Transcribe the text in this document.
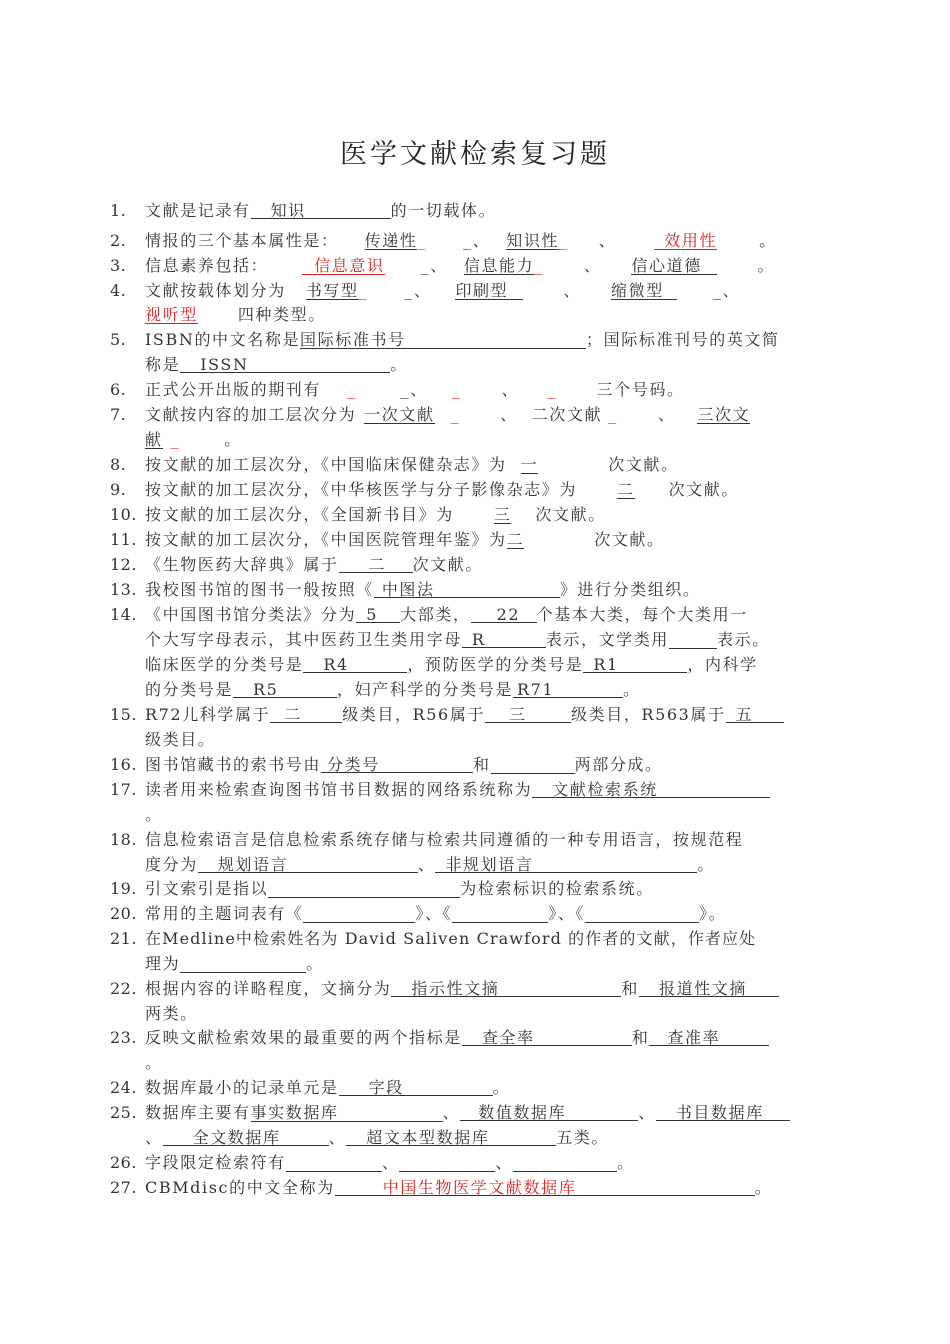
医学文献检索复习题
1. 文献是记录有 知识	的一切载体。
2. 情报的三个基本属性是： 传递性_ _、 知识性_ 、	效用性	。
3. 信息素养包括：	信息意识 _、 信息能力_	、 信心道德	。
4. 文献按载体划分为 书写型_ _、 印刷型	、 缩微型	_、
视听型	四种类型。
5. ISBN的中文名称是国际标准书号	；国际标准刊号的英文简
称是 ISSN	。
6. 正式公开出版的期刊有 _	_、 _	、 _	三个号码。
7. 文献按内容的加工层次分为 一次文献 _	、 二次文献 _	、 三次文
献 _	。
8. 按文献的加工层次分，《中国临床保健杂志》为 一	次文献。
9. 按文献的加工层次分，《中华核医学与分子影像杂志》为	二 次文献。
10. 按文献的加工层次分，《全国新书目》为	三 次文献。
11. 按文献的加工层次分，《中国医院管理年鉴》为二	次文献。
12. 《生物医药大辞典》属于 二 次文献。
13. 我校图书馆的图书一般按照《 中图法	》进行分类组织。
14. 《中国图书馆分类法》分为 5 大部类， 22 个基本大类，每个大类用一
个大写字母表示，其中医药卫生类用字母 R	表示，文学类用	表示。
临床医学的分类号是 R4	，预防医学的分类号是 R1	，内科学
的分类号是 R5	，妇产科学的分类号是 R71	。
15. R72儿科学属于 二	级类目，R56属于 三	级类目，R563属于 五
级类目。
16. 图书馆藏书的索书号由 分类号	和	两部分成。
17. 读者用来检索查询图书馆书目数据的网络系统称为 文献检索系统
。
18. 信息检索语言是信息检索系统存储与检索共同遵循的一种专用语言，按规范程
度分为 规划语言	、 非规划语言	。
19. 引文索引是指以	为检索标识的检索系统。
20. 常用的主题词表有《	》、《	》、《	》。
21. 在Medline中检索姓名为 David Saliven Crawford 的作者的文献，作者应处
理为	。
22. 根据内容的详略程度，文摘分为 指示性文摘	和 报道性文摘
两类。
23. 反映文献检索效果的最重要的两个指标是 查全率	和 查准率
。
24. 数据库最小的记录单元是 字段	。
25. 数据库主要有事实数据库	、 数值数据库	、 书目数据库
、 全文数据库	、 超文本型数据库	五类。
26. 字段限定检索符有	、	、	。
27. CBMdisc的中文全称为	中国生物医学文献数据库	。
